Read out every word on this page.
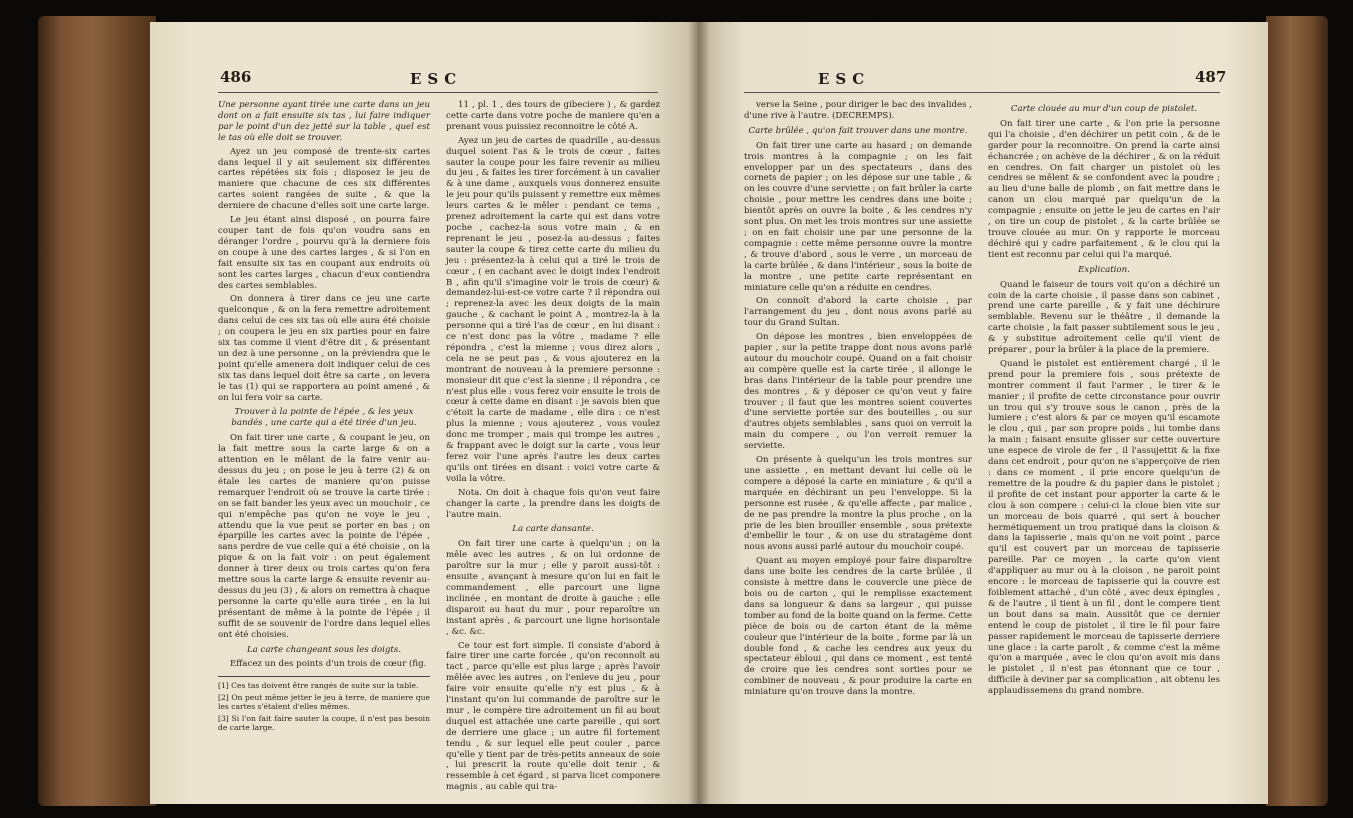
486	ESC

Une personne ayant tirée une carte dans un jeu dont on a fait ensuite six tas , lui faire indiquer par le point d'un dez jetté sur la table , quel est le tas où elle doit se trouver.

Ayez un jeu composé de trente-six cartes dans lequel il y ait seulement six différentes cartes répétées six fois ; disposez le jeu de maniere que chacune de ces six différentes cartes soient rangées de suite , & que la derniere de chacune d'elles soit une carte large.

Le jeu étant ainsi disposé , on pourra faire couper tant de fois qu'on voudra sans en déranger l'ordre , pourvu qu'à la derniere fois on coupe à une des cartes larges , & si l'on en fait ensuite six tas en coupant aux endroits où sont les cartes larges , chacun d'eux contiendra des cartes semblables.

On donnera à tirer dans ce jeu une carte quelconque , & on la fera remettre adroitement dans celui de ces six tas où elle aura été choisie ; on coupera le jeu en six parties pour en faire six tas comme il vient d'être dit , & présentant un dez à une personne , on la préviendra que le point qu'elle amenera doit indiquer celui de ces six tas dans lequel doit être sa carte , on levera le tas (1) qui se rapportera au point amené , & on lui fera voir sa carte.

Trouver à la pointe de l'épée , & les yeux bandés , une carte qui a été tirée d'un jeu.

On fait tirer une carte , & coupant le jeu, on la fait mettre sous la carte large & on a attention en le mêlant de la faire venir au-dessus du jeu ; on pose le jeu à terre (2) & on étale les cartes de maniere qu'on puisse remarquer l'endroit où se trouve la carte tirée : on se fait bander les yeux avec un mouchoir , ce qui n'empêche pas qu'on ne voye le jeu , attendu que la vue peut se porter en bas ; on éparpille les cartes avec la pointe de l'épée , sans perdre de vue celle qui a été choisie , on la pique & on la fait voir : on peut également donner à tirer deux ou trois cartes qu'on fera mettre sous la carte large & ensuite revenir au-dessus du jeu (3) , & alors on remettra à chaque personne la carte qu'elle aura tirée , en la lui présentant de même à la pointe de l'épée ; il suffit de se souvenir de l'ordre dans lequel elles ont été choisies.

La carte changeant sous les doigts.

Effacez un des points d'un trois de cœur (fig.

[1] Ces tas doivent être rangés de suite sur la table.
[2] On peut même jetter le jeu à terre, de maniere que les cartes s'étalent d'elles mêmes.
[3] Si l'on fait faire sauter la coupe, il n'est pas besoin de carte large.

11 , pl. 1 , des tours de gibeciere ) , & gardez cette carte dans votre poche de maniere qu'en a prenant vous puissiez reconnoitre le côté A.

Ayez un jeu de cartes de quadrille , au-dessus duquel soient l'as & le trois de cœur , faites sauter la coupe pour les faire revenir au milieu du jeu , & faites les tirer forcément à un cavalier & à une dame , auxquels vous donnerez ensuite le jeu pour qu'ils puissent y remettre eux mêmes leurs cartes & le mêler : pendant ce tems , prenez adroitement la carte qui est dans votre poche , cachez-la sous votre main , & en reprenant le jeu , posez-la au-dessus ; faites sauter la coupe & tirez cette carte du milieu du jeu : présentez-la à celui qui a tiré le trois de cœur , ( en cachant avec le doigt index l'endroit B , afin qu'il s'imagine voir le trois de cœur) & demandez-lui-est-ce votre carte ? il répondra oui ; reprenez-la avec les deux doigts de la main gauche , & cachant le point A , montrez-la à la personne qui a tiré l'as de cœur , en lui disant : ce n'est donc pas la vôtre , madame ? elle répondra , c'est la mienne ; vous direz alors , cela ne se peut pas , & vous ajouterez en la montrant de nouveau à la premiere personne : monsieur dit que c'est la sienne ; il répondra , ce n'est plus elle : vous ferez voir ensuite le trois de cœur à cette dame en disant : je savois bien que c'étoit la carte de madame , elle dira : ce n'est plus la mienne ; vous ajouterez , vous voulez donc me tromper , mais qui trompe les autres , & frappant avec le doigt sur la carte , vous leur ferez voir l'une après l'autre les deux cartes qu'ils ont tirées en disant : voici votre carte & voila la vôtre.

Nota. On doit à chaque fois qu'on veut faire changer la carte , la prendre dans les doigts de l'autre main.

La carte dansante.

On fait tirer une carte à quelqu'un ; on la mêle avec les autres , & on lui ordonne de paroître sur la mur ; elle y paroit aussi-tôt : ensuite , avançant à mesure qu'on lui en fait le commandement , elle parcourt une ligne inclinée , en montant de droite à gauche : elle disparoit au haut du mur , pour reparoître un instant après , & parcourt une ligne horisontale , &c. &c.

Ce tour est fort simple. Il consiste d'abord à faire tirer une carte forcée , qu'on reconnoît au tact , parce qu'elle est plus large ; après l'avoir mêlée avec les autres , on l'enleve du jeu , pour faire voir ensuite qu'elle n'y est plus , & à l'instant qu'on lui commande de paroître sur le mur , le compère tire adroitement un fil au bout duquel est attachée une carte pareille , qui sort de derriere une glace ; un autre fil fortement tendu , & sur lequel elle peut couler , parce qu'elle y tient par de très-petits anneaux de soie , lui prescrit la route qu'elle doit tenir , & ressemble à cet égard , si parva licet componere magnis , au cable qui tra-

ESC	487

verse la Seine , pour diriger le bac des invalides , d'une rive à l'autre. (DECREMPS).

Carte brûlée , qu'on fait trouver dans une montre.

On fait tirer une carte au hasard ; on demande trois montres à la compagnie ; on les fait envelopper par un des spectateurs , dans des cornets de papier ; on les dépose sur une table , & on les couvre d'une serviette ; on fait brûler la carte choisie , pour mettre les cendres dans une boite ; bientôt après on ouvre la boite , & les cendres n'y sont plus. On met les trois montres sur une assiette ; on en fait choisir une par une personne de la compagnie : cette même personne ouvre la montre , & trouve d'abord , sous le verre , un morceau de la carte brûlée , & dans l'intérieur , sous la boite de la montre , une petite carte représentant en miniature celle qu'on a réduite en cendres.

On connoît d'abord la carte choisie , par l'arrangement du jeu , dont nous avons parlé au tour du Grand Sultan.

On dépose les montres , bien enveloppées de papier , sur la petite trappe dont nous avons parlé autour du mouchoir coupé. Quand on a fait choisir au compère quelle est la carte tirée , il allonge le bras dans l'intérieur de la table pour prendre une des montres , & y déposer ce qu'on veut y faire trouver ; il faut que les montres soient couvertes d'une serviette portée sur des bouteilles , ou sur d'autres objets semblables , sans quoi on verroit la main du compere , ou l'on verroit remuer la serviette.

On présente à quelqu'un les trois montres sur une assiette , en mettant devant lui celle où le compere a déposé la carte en miniature , & qu'il a marquée en déchirant un peu l'enveloppe. Si la personne est rusée , & qu'elle affecte , par malice , de ne pas prendre la montre la plus proche , on la prie de les bien brouiller ensemble , sous prétexte d'embellir le tour , & on use du stratagème dont nous avons aussi parlé autour du mouchoir coupé.

Quant au moyen employé pour faire disparoître dans une boite les cendres de la carte brûlée , il consiste à mettre dans le couvercle une pièce de bois ou de carton , qui le remplisse exactement dans sa longueur & dans sa largeur , qui puisse tomber au fond de la boite quand on la ferme. Cette pièce de bois ou de carton étant de la même couleur que l'intérieur de la boite , forme par là un double fond , & cache les cendres aux yeux du spectateur ébloui , qui dans ce moment , est tenté de croire que les cendres sont sorties pour se combiner de nouveau , & pour produire la carte en miniature qu'on trouve dans la montre.

Carte clouée au mur d'un coup de pistolet.

On fait tirer une carte , & l'on prie la personne qui l'a choisie , d'en déchirer un petit coin , & de le garder pour la reconnoitre. On prend la carte ainsi échancrée ; on achève de la déchirer , & on la réduit en cendres. On fait charger un pistolet où les cendres se mêlent & se confondent avec la poudre ; au lieu d'une balle de plomb , on fait mettre dans le canon un clou marqué par quelqu'un de la compagnie ; ensuite on jette le jeu de cartes en l'air , on tire un coup de pistolet , & la carte brûlée se trouve clouée au mur. On y rapporte le morceau déchiré qui y cadre parfaitement , & le clou qui la tient est reconnu par celui qui l'a marqué.

Explication.

Quand le faiseur de tours voit qu'on a déchiré un coin de la carte choisie , il passe dans son cabinet , prend une carte pareille , & y fait une déchirure semblable. Revenu sur le théâtre , il demande la carte choisie , la fait passer subtilement sous le jeu , & y substitue adroitement celle qu'il vient de préparer , pour la brûler à la place de la premiere.

Quand le pistolet est entièrement chargé , il le prend pour la premiere fois , sous prétexte de montrer comment il faut l'armer , le tirer & le manier ; il profite de cette circonstance pour ouvrir un trou qui s'y trouve sous le canon , près de la lumiere ; c'est alors & par ce moyen qu'il escamote le clou , qui , par son propre poids , lui tombe dans la main ; faisant ensuite glisser sur cette ouverture une espece de virole de fer , il l'assujettit & la fixe dans cet endroit , pour qu'on ne s'apperçoive de rien : dans ce moment , il prie encore quelqu'un de remettre de la poudre & du papier dans le pistolet ; il profite de cet instant pour apporter la carte & le clou à son compere : celui-ci la cloue bien vite sur un morceau de bois quarré , qui sert à boucher hermétiquement un trou pratiqué dans la cloison & dans la tapisserie , mais qu'on ne voit point , parce qu'il est couvert par un morceau de tapisserie pareille. Par ce moyen , la carte qu'on vient d'appliquer au mur ou à la cloison , ne paroit point encore : le morceau de tapisserie qui la couvre est foiblement attaché , d'un côté , avec deux épingles , & de l'autre , il tient à un fil , dont le compere tient un bout dans sa main. Aussitôt que ce dernier entend le coup de pistolet , il tire le fil pour faire passer rapidement le morceau de tapisserie derriere une glace : la carte paroît , & comme c'est la même qu'on a marquée , avec le clou qu'on avoit mis dans le pistolet , il n'est pas étonnant que ce tour , difficile à deviner par sa complication , ait obtenu les applaudissemens du grand nombre.
